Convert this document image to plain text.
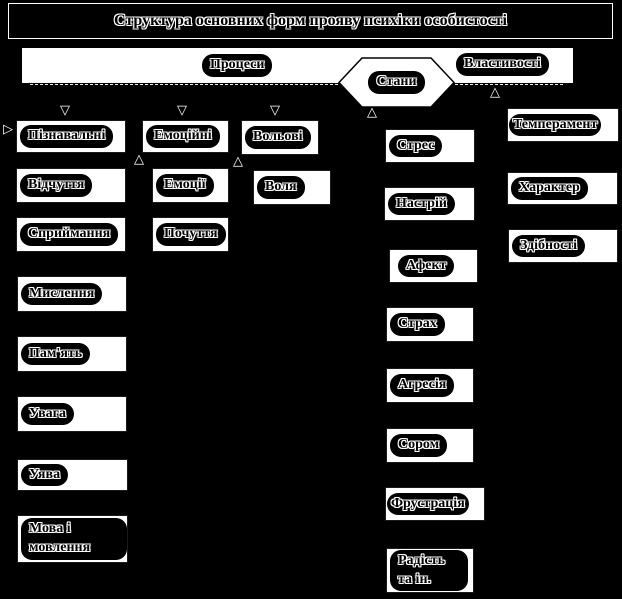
Структура основних форм прояву психіки особистості
Процеси	Властивості
Стани
▽	▽	▽
▷
△	△
△
△
Пізнавальні
Відчуття
Сприймання
Мислення
Пам'ять
Увага
Уява
Мова і мовлення
Емоційні
Емоції
Почуття
Вольові
Воля
Стрес
Настрій
Афект
Страх
Агресія
Сором
Фрустрація
Радість та ін.
Темперамент
Характер
Здібності
